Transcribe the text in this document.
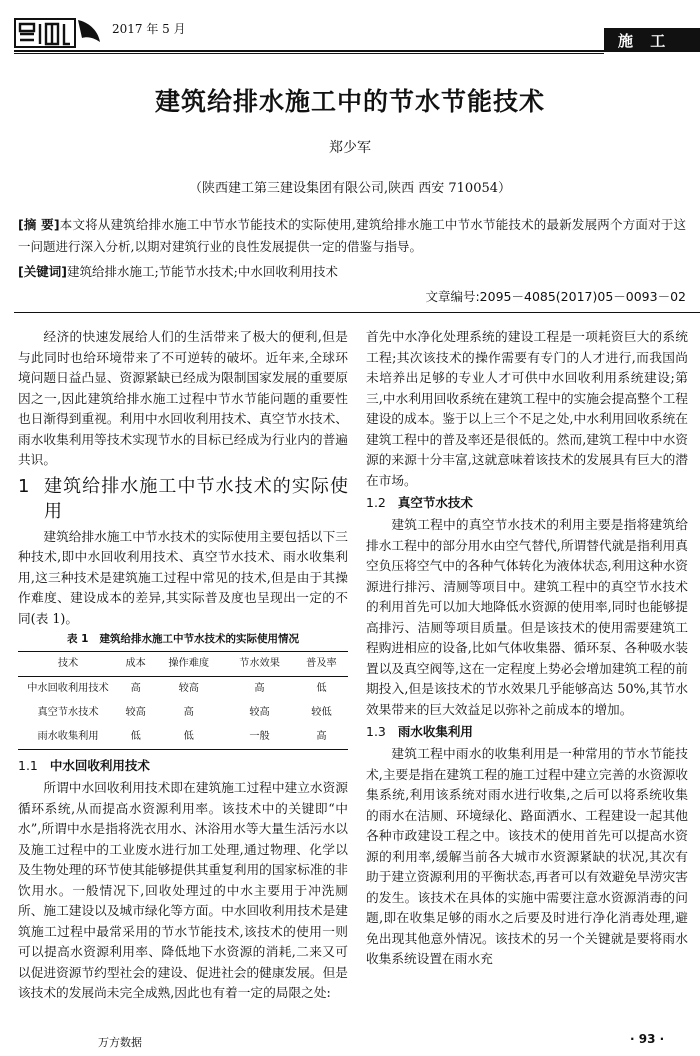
2017 年 5 月
施 工
建筑给排水施工中的节水节能技术
郑少军
（陕西建工第三建设集团有限公司,陕西 西安 710054）
[摘 要]本文将从建筑给排水施工中节水节能技术的实际使用,建筑给排水施工中节水节能技术的最新发展两个方面对于这一问题进行深入分析,以期对建筑行业的良性发展提供一定的借鉴与指导。
[关键词]建筑给排水施工;节能节水技术;中水回收利用技术
文章编号:2095－4085(2017)05－0093－02

经济的快速发展给人们的生活带来了极大的便利,但是与此同时也给环境带来了不可逆转的破坏。近年来,全球环境问题日益凸显、资源紧缺已经成为限制国家发展的重要原因之一,因此建筑给排水施工过程中节水节能问题的重要性也日渐得到重视。利用中水回收利用技术、真空节水技术、雨水收集利用等技术实现节水的目标已经成为行业内的普遍共识。

1 建筑给排水施工中节水技术的实际使用

建筑给排水施工中节水技术的实际使用主要包括以下三种技术,即中水回收利用技术、真空节水技术、雨水收集利用,这三种技术是建筑施工过程中常见的技术,但是由于其操作难度、建设成本的差异,其实际普及度也呈现出一定的不同(表 1)。

表 1 建筑给排水施工中节水技术的实际使用情况
技术	成本	操作难度	节水效果	普及率
中水回收利用技术	高	较高	高	低
真空节水技术	较高	高	较高	较低
雨水收集利用	低	低	一般	高
1.1 中水回收利用技术

所谓中水回收利用技术即在建筑施工过程中建立水资源循环系统,从而提高水资源利用率。该技术中的关键即“中水”,所谓中水是指将洗衣用水、沐浴用水等大量生活污水以及施工过程中的工业废水进行加工处理,通过物理、化学以及生物处理的环节使其能够提供其重复利用的国家标准的非饮用水。一般情况下,回收处理过的中水主要用于冲洗厕所、施工建设以及城市绿化等方面。中水回收利用技术是建筑施工过程中最常采用的节水节能技术,该技术的使用一则可以提高水资源利用率、降低地下水资源的消耗,二来又可以促进资源节约型社会的建设、促进社会的健康发展。但是该技术的发展尚未完全成熟,因此也有着一定的局限之处:

首先中水净化处理系统的建设工程是一项耗资巨大的系统工程;其次该技术的操作需要有专门的人才进行,而我国尚未培养出足够的专业人才可供中水回收利用系统建设;第三,中水利用回收系统在建筑工程中的实施会提高整个工程建设的成本。鉴于以上三个不足之处,中水利用回收系统在建筑工程中的普及率还是很低的。然而,建筑工程中中水资源的来源十分丰富,这就意味着该技术的发展具有巨大的潜在市场。

1.2 真空节水技术

建筑工程中的真空节水技术的利用主要是指将建筑给排水工程中的部分用水由空气替代,所谓替代就是指利用真空负压将空气中的各种气体转化为液体状态,利用这种水资源进行排污、清厕等项目中。建筑工程中的真空节水技术的利用首先可以加大地降低水资源的使用率,同时也能够提高排污、洁厕等项目质量。但是该技术的使用需要建筑工程购进相应的设备,比如气体收集器、循环泵、各种吸水装置以及真空阀等,这在一定程度上势必会增加建筑工程的前期投入,但是该技术的节水效果几乎能够高达 50%,其节水效果带来的巨大效益足以弥补之前成本的增加。

1.3 雨水收集利用

建筑工程中雨水的收集利用是一种常用的节水节能技术,主要是指在建筑工程的施工过程中建立完善的水资源收集系统,利用该系统对雨水进行收集,之后可以将系统收集的雨水在洁厕、环境绿化、路面洒水、工程建设一起其他各种市政建设工程之中。该技术的使用首先可以提高水资源的利用率,缓解当前各大城市水资源紧缺的状况,其次有助于建立资源利用的平衡状态,再者可以有效避免旱涝灾害的发生。该技术在具体的实施中需要注意水资源消毒的问题,即在收集足够的雨水之后要及时进行净化消毒处理,避免出现其他意外情况。该技术的另一个关键就是要将雨水收集系统设置在雨水充

万方数据	· 93 ·
